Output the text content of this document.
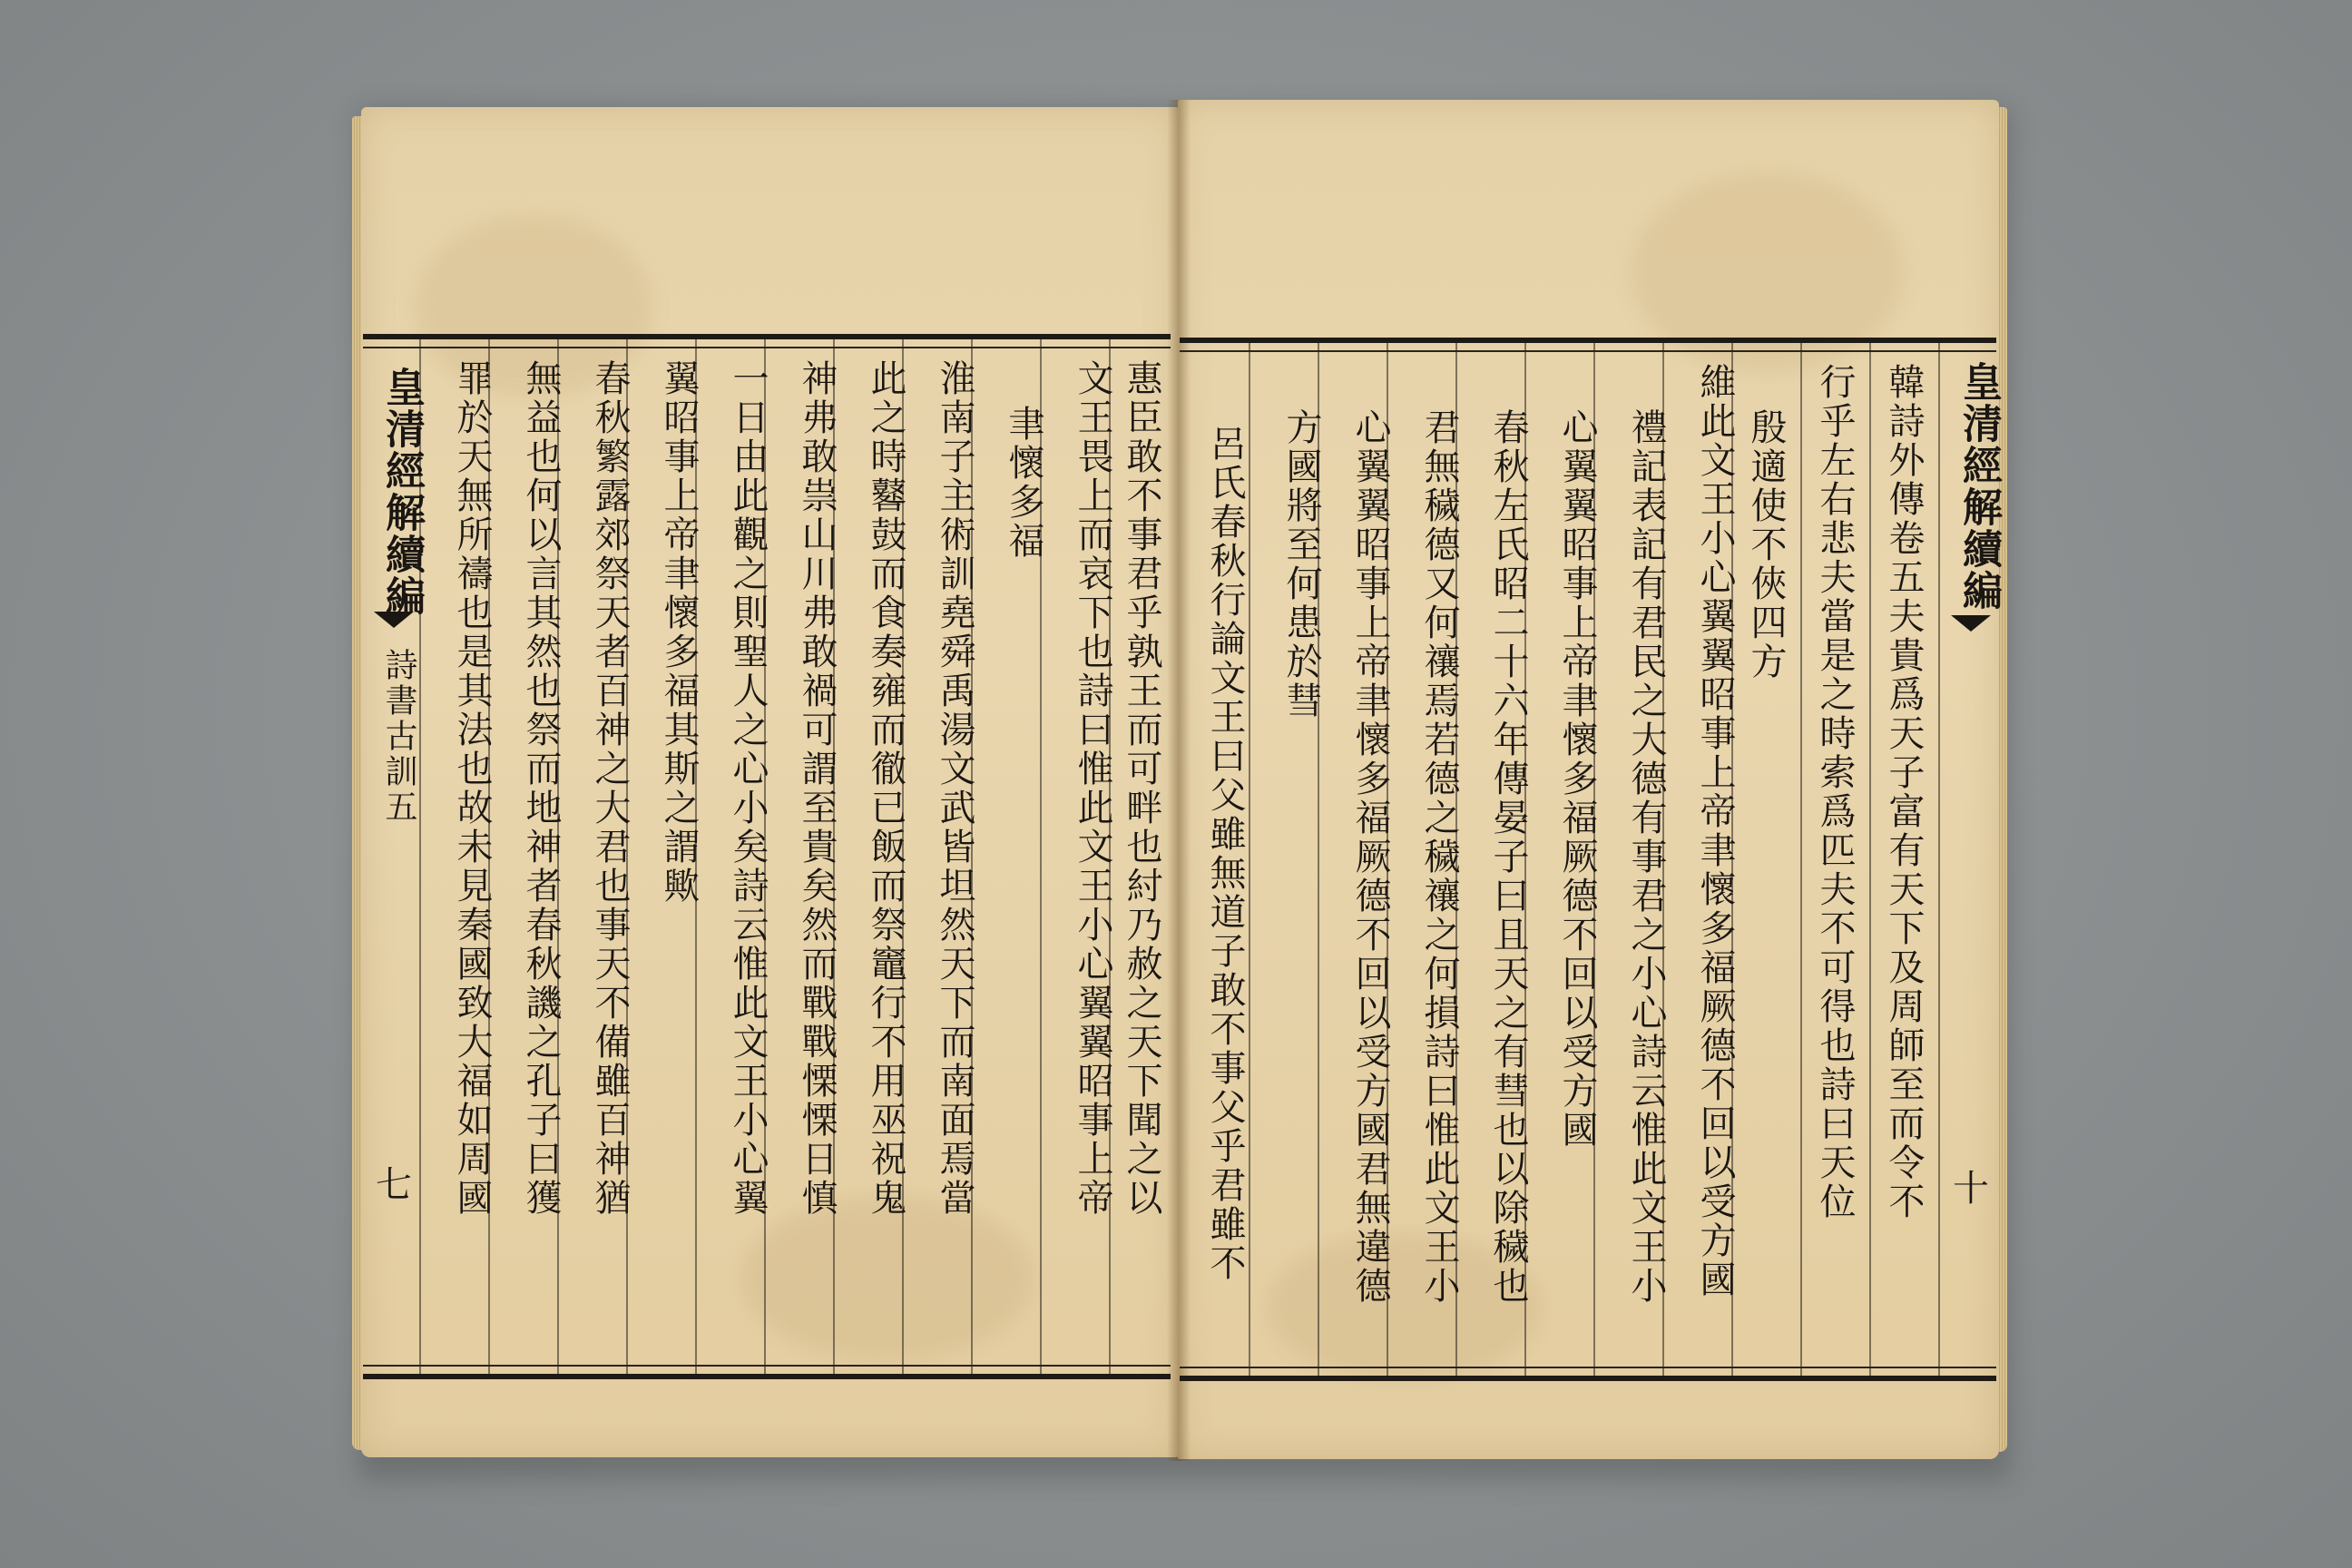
皇清經解續編
詩書古訓五
七	惠臣敢不事君乎孰王而可畔也紂乃赦之天下聞之以
文王畏上而哀下也詩曰惟此文王小心翼翼昭事上帝
聿懷多福
淮南子主術訓堯舜禹湯文武皆坦然天下而南面焉當
此之時鼛鼓而食奏雍而徹已飯而祭竈行不用巫祝鬼
神弗敢祟山川弗敢禍可謂至貴矣然而戰戰慄慄日慎
一日由此觀之則聖人之心小矣詩云惟此文王小心翼
翼昭事上帝聿懷多福其斯之謂歟
春秋繁露郊祭天者百神之大君也事天不備雖百神猶
無益也何以言其然也祭而地神者春秋譏之孔子曰獲
罪於天無所禱也是其法也故未見秦國致大福如周國	皇清經解續編
十
韓詩外傳卷五夫貴爲天子富有天下及周師至而令不
行乎左右悲夫當是之時索爲匹夫不可得也詩曰天位
殷適使不俠四方
維此文王小心翼翼昭事上帝聿懷多福厥德不回以受方國
禮記表記有君民之大德有事君之小心詩云惟此文王小
心翼翼昭事上帝聿懷多福厥德不回以受方國
春秋左氏昭二十六年傳晏子曰且天之有彗也以除穢也
君無穢德又何禳焉若德之穢禳之何損詩曰惟此文王小
心翼翼昭事上帝聿懷多福厥德不回以受方國君無違德
方國將至何患於彗
呂氏春秋行論文王曰父雖無道子敢不事父乎君雖不
